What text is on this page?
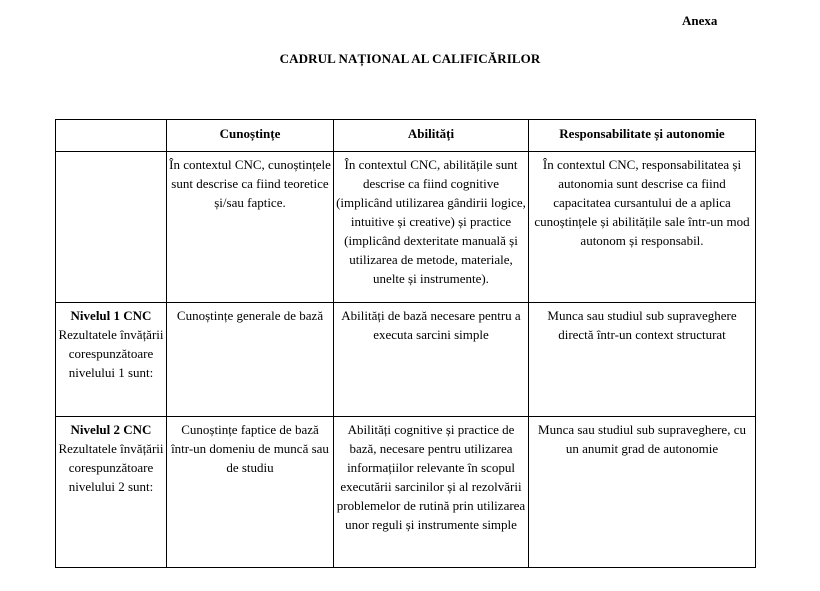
Anexa
CADRUL NAȚIONAL AL CALIFICĂRILOR
	Cunoștințe	Abilități	Responsabilitate și autonomie
	În contextul CNC, cunoștințele sunt descrise ca fiind teoretice și/sau faptice.	În contextul CNC, abilitățile sunt descrise ca fiind cognitive (implicând utilizarea gândirii logice, intuitive și creative) și practice (implicând dexteritate manuală și utilizarea de metode, materiale, unelte și instrumente).	În contextul CNC, responsabilitatea și autonomia sunt descrise ca fiind capacitatea cursantului de a aplica cunoștințele și abilitățile sale într-un mod autonom și responsabil.

Nivelul 1 CNC
Rezultatele învățării corespunzătoare nivelului 1 sunt:	Cunoștințe generale de bază	Abilități de bază necesare pentru a executa sarcini simple	Munca sau studiul sub supraveghere directă într-un context structurat

Nivelul 2 CNC
Rezultatele învățării corespunzătoare nivelului 2 sunt:	Cunoștințe faptice de bază într-un domeniu de muncă sau de studiu	Abilități cognitive și practice de bază, necesare pentru utilizarea informațiilor relevante în scopul executării sarcinilor și al rezolvării problemelor de rutină prin utilizarea unor reguli și instrumente simple	Munca sau studiul sub supraveghere, cu un anumit grad de autonomie
